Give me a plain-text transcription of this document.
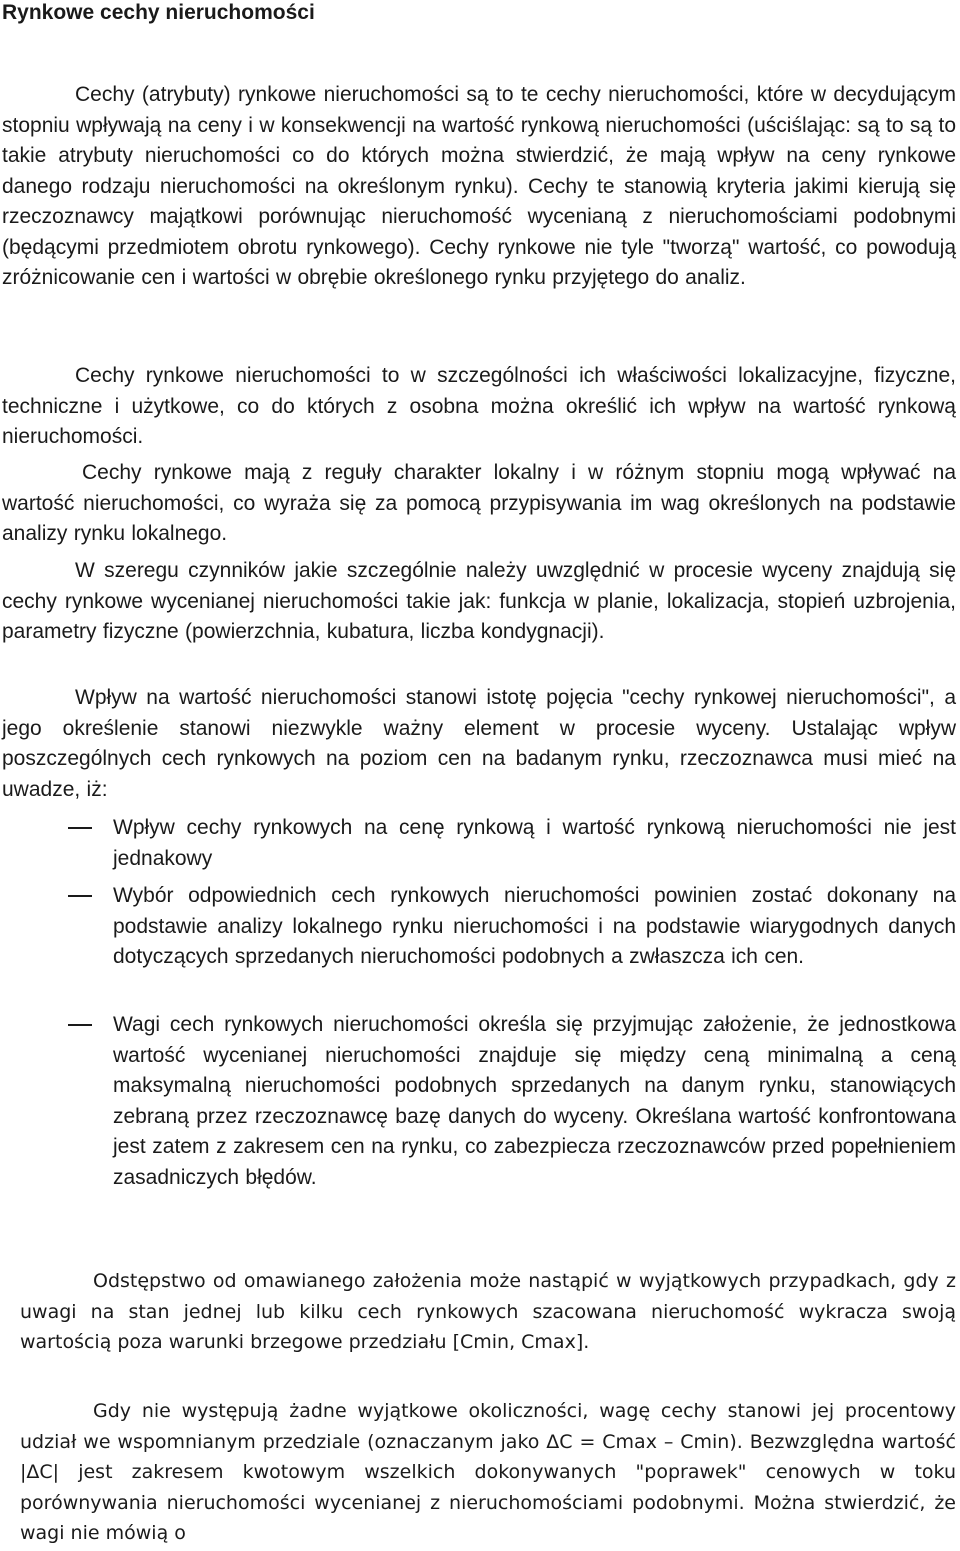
Rynkowe cechy nieruchomości

Cechy (atrybuty) rynkowe nieruchomości są to te cechy nieruchomości, które w decydującym stopniu wpływają na ceny i w konsekwencji na wartość rynkową nieruchomości (uściślając: są to są to takie atrybuty nieruchomości co do których można stwierdzić, że mają wpływ na ceny rynkowe danego rodzaju nieruchomości na określonym rynku). Cechy te stanowią kryteria jakimi kierują się rzeczoznawcy majątkowi porównując nieruchomość wycenianą z nieruchomościami podobnymi (będącymi przedmiotem obrotu rynkowego). Cechy rynkowe nie tyle "tworzą" wartość, co powodują zróżnicowanie cen i wartości w obrębie określonego rynku przyjętego do analiz.

Cechy rynkowe nieruchomości to w szczególności ich właściwości lokalizacyjne, fizyczne, techniczne i użytkowe, co do których z osobna można określić ich wpływ na wartość rynkową nieruchomości.

Cechy rynkowe mają z reguły charakter lokalny i w różnym stopniu mogą wpływać na wartość nieruchomości, co wyraża się za pomocą przypisywania im wag określonych na podstawie analizy rynku lokalnego.

W szeregu czynników jakie szczególnie należy uwzględnić w procesie wyceny znajdują się cechy rynkowe wycenianej nieruchomości takie jak: funkcja w planie, lokalizacja, stopień uzbrojenia, parametry fizyczne (powierzchnia, kubatura, liczba kondygnacji).

Wpływ na wartość nieruchomości stanowi istotę pojęcia "cechy rynkowej nieruchomości", a jego określenie stanowi niezwykle ważny element w procesie wyceny. Ustalając wpływ poszczególnych cech rynkowych na poziom cen na badanym rynku, rzeczoznawca musi mieć na uwadze, iż:

Wpływ cechy rynkowych na cenę rynkową i wartość rynkową nieruchomości nie jest jednakowy

Wybór odpowiednich cech rynkowych nieruchomości powinien zostać dokonany na podstawie analizy lokalnego rynku nieruchomości i na podstawie wiarygodnych danych dotyczących sprzedanych nieruchomości podobnych a zwłaszcza ich cen.

Wagi cech rynkowych nieruchomości określa się przyjmując założenie, że jednostkowa wartość wycenianej nieruchomości znajduje się między ceną minimalną a ceną maksymalną nieruchomości podobnych sprzedanych na danym rynku, stanowiących zebraną przez rzeczoznawcę bazę danych do wyceny. Określana wartość konfrontowana jest zatem z zakresem cen na rynku, co zabezpiecza rzeczoznawców przed popełnieniem zasadniczych błędów.

Odstępstwo od omawianego założenia może nastąpić w wyjątkowych przypadkach, gdy z uwagi na stan jednej lub kilku cech rynkowych szacowana nieruchomość wykracza swoją wartością poza warunki brzegowe przedziału [Cmin, Cmax].

Gdy nie występują żadne wyjątkowe okoliczności, wagę cechy stanowi jej procentowy udział we wspomnianym przedziale (oznaczanym jako ΔC = Cmax – Cmin). Bezwzględna wartość |ΔC| jest zakresem kwotowym wszelkich dokonywanych "poprawek" cenowych w toku porównywania nieruchomości wycenianej z nieruchomościami podobnymi. Można stwierdzić, że wagi nie mówią o
